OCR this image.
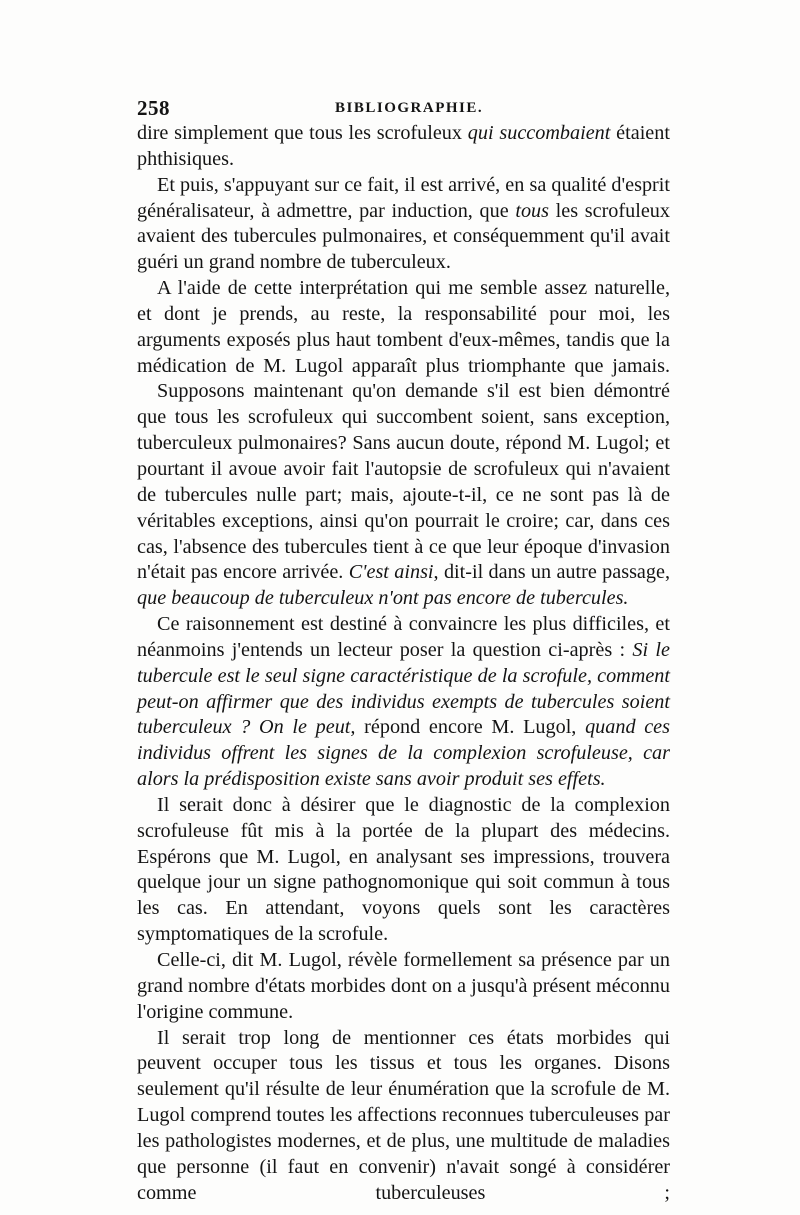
258	BIBLIOGRAPHIE.

dire simplement que tous les scrofuleux qui succombaient étaient phthisiques.

Et puis, s'appuyant sur ce fait, il est arrivé, en sa qualité d'esprit généralisateur, à admettre, par induction, que tous les scrofuleux avaient des tubercules pulmonaires, et conséquemment qu'il avait guéri un grand nombre de tuberculeux.

A l'aide de cette interprétation qui me semble assez naturelle, et dont je prends, au reste, la responsabilité pour moi, les arguments exposés plus haut tombent d'eux-mêmes, tandis que la médication de M. Lugol apparaît plus triomphante que jamais.

Supposons maintenant qu'on demande s'il est bien démontré que tous les scrofuleux qui succombent soient, sans exception, tuberculeux pulmonaires? Sans aucun doute, répond M. Lugol; et pourtant il avoue avoir fait l'autopsie de scrofuleux qui n'avaient de tubercules nulle part; mais, ajoute-t-il, ce ne sont pas là de véritables exceptions, ainsi qu'on pourrait le croire; car, dans ces cas, l'absence des tubercules tient à ce que leur époque d'invasion n'était pas encore arrivée. C'est ainsi, dit-il dans un autre passage, que beaucoup de tuberculeux n'ont pas encore de tubercules.

Ce raisonnement est destiné à convaincre les plus difficiles, et néanmoins j'entends un lecteur poser la question ci-après : Si le tubercule est le seul signe caractéristique de la scrofule, comment peut-on affirmer que des individus exempts de tubercules soient tuberculeux ? On le peut, répond encore M. Lugol, quand ces individus offrent les signes de la complexion scrofuleuse, car alors la prédisposition existe sans avoir produit ses effets.

Il serait donc à désirer que le diagnostic de la complexion scrofuleuse fût mis à la portée de la plupart des médecins. Espérons que M. Lugol, en analysant ses impressions, trouvera quelque jour un signe pathognomonique qui soit commun à tous les cas. En attendant, voyons quels sont les caractères symptomatiques de la scrofule.

Celle-ci, dit M. Lugol, révèle formellement sa présence par un grand nombre d'états morbides dont on a jusqu'à présent méconnu l'origine commune.

Il serait trop long de mentionner ces états morbides qui peuvent occuper tous les tissus et tous les organes. Disons seulement qu'il résulte de leur énumération que la scrofule de M. Lugol comprend toutes les affections reconnues tuberculeuses par les pathologistes modernes, et de plus, une multitude de maladies que personne (il faut en convenir) n'avait songé à considérer comme tuberculeuses ;
